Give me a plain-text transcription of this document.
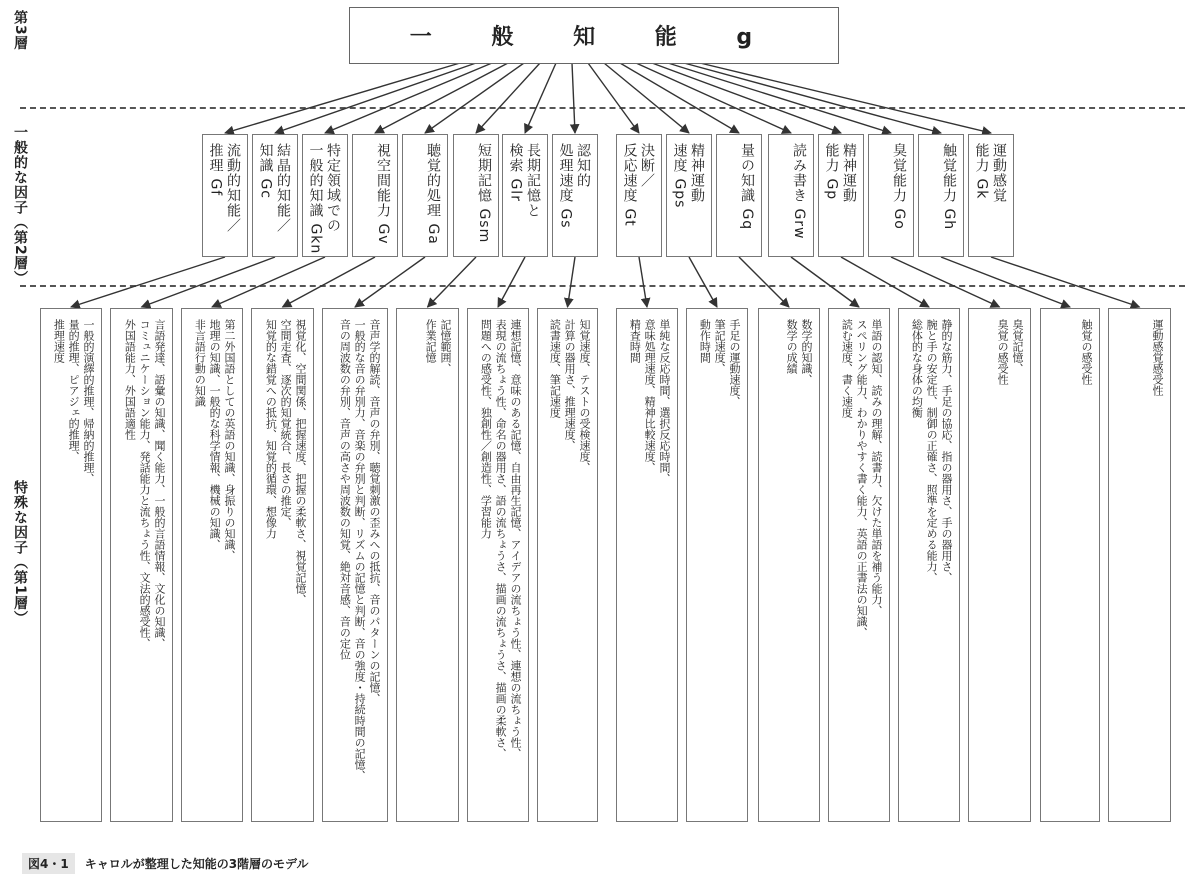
第3層
一般的な因子（第2層）
特殊な因子（第1層）
一 般 知 能 g
流動的知能／
推理 Gf	結晶的知能／
知識 Gc	特定領域での
一般的知識 Gkn	視空間能力 Gv 聴覚的処理 Ga	短期記憶 Gsm	長期記憶と
検索 Glr
認知的
処理速度 Gs
決断／
反応速度 Gt
精神運動
速度 Gps	量の知識 Gq	読み書き Grw	精神運動
能力 Gp	臭覚能力 Go 触覚能力 Gh	運動感覚
能力 Gk
一般的演繹的推理、帰納的推理、
量的推理、ピアジェ的推理、
推理速度	言語発達、語彙の知識、聞く能力、一般的言語情報、文化の知識、
コミュニケーション能力、発話能力と流ちょう性、文法的感受性、
外国語能力、外国語適性	第二外国語としての英語の知識、身振りの知識、
地理の知識、一般的な科学情報、機械の知識、
非言語行動の知識	視覚化、空間関係、把握速度、把握の柔軟さ、視覚記憶、
空間走査、逐次的知覚統合、長さの推定、
知覚的な錯覚への抵抗、知覚的循環、想像力	音声学的解読、音声の弁別、聴覚刺激の歪みへの抵抗、音のパターンの記憶、
一般的な音の弁別力、音楽の弁別と判断、リズムの記憶と判断、音の強度・持続時間の記憶、
音の周波数の弁別、音声の高さや周波数の知覚、絶対音感、音の定位	記憶範囲、
作業記憶	連想記憶、意味のある記憶、自由再生記憶、アイデアの流ちょう性、連想の流ちょう性、
表現の流ちょう性、命名の器用さ、語の流ちょうさ、描画の流ちょうさ、描画の柔軟さ、
問題への感受性、独創性／創造性、学習能力	知覚速度、テストの受検速度、
計算の器用さ、推理速度、
読書速度、筆記速度	単純な反応時間、選択反応時間、
意味処理速度、精神比較速度、
精査時間	手足の運動速度、
筆記速度、
動作時間	数学的知識、
数学の成績	単語の認知、読みの理解、読書力、欠けた単語を補う能力、
スペリング能力、わかりやすく書く能力、英語の正書法の知識、
読む速度、書く速度	静的な筋力、手足の協応、指の器用さ、手の器用さ、
腕と手の安定性、制御の正確さ、照準を定める能力、
総体的な身体の均衡	臭覚記憶、
臭覚の感受性	触覚の感受性	運動感覚感受性
図4・1	キャロルが整理した知能の3階層のモデル
